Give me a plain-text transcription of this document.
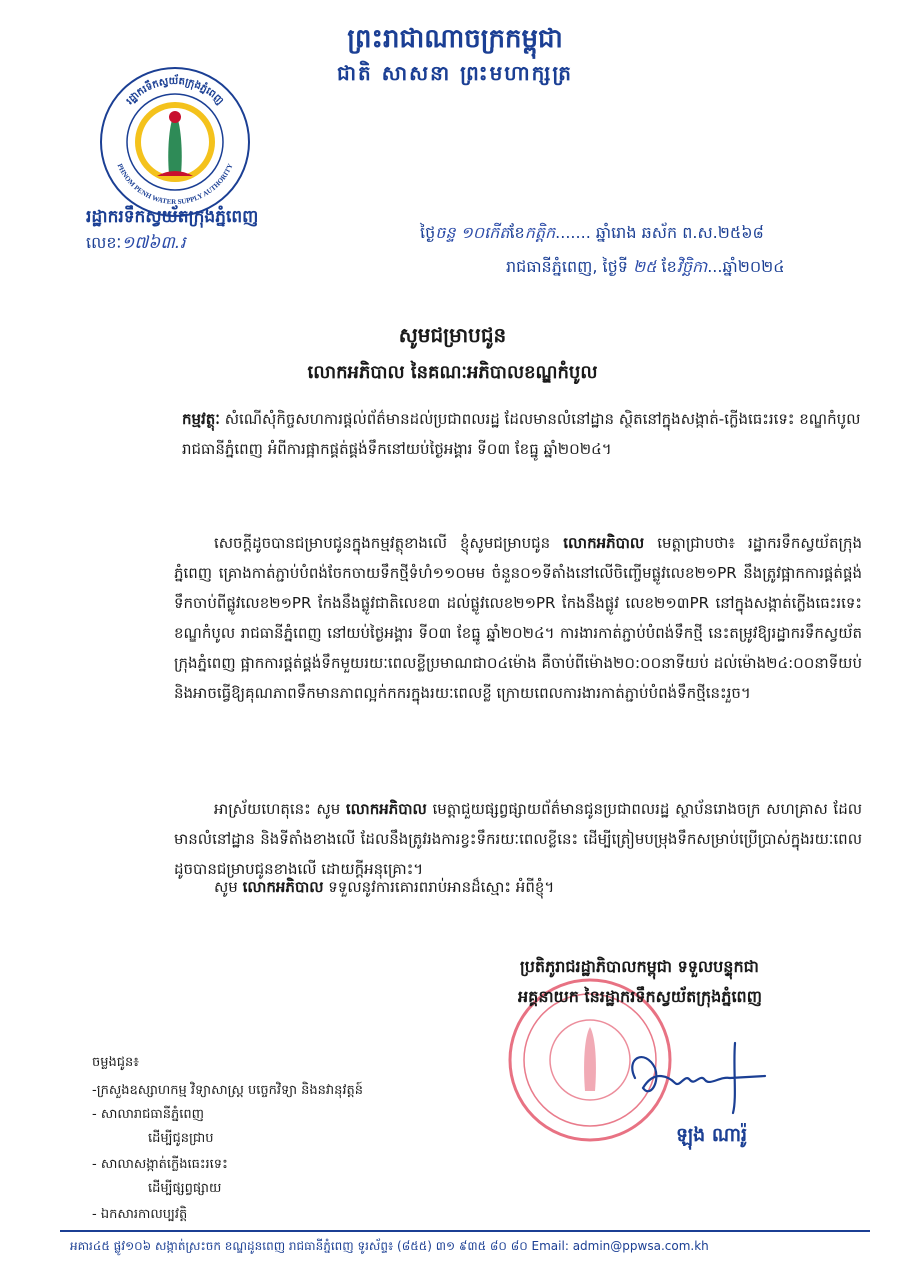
ព្រះរាជាណាចក្រកម្ពុជា
ជាតិ សាសនា ព្រះមហាក្សត្រ
រដ្ឋាករទឹកស្វយ័តក្រុងភ្នំពេញ
PHNOM PENH WATER SUPPLY AUTHORITY
រដ្ឋាករទឹកស្វយ័តក្រុងភ្នំពេញ
លេខៈ១៧៦៣.រ
ថ្ងៃចន្ទ ១០កើតខែកត្តិក....... ឆ្នាំរោង ឆស័ក ព.ស.២៥៦៨
រាជធានីភ្នំពេញ, ថ្ងៃទី ២៥ ខែវិច្ឆិកា...ឆ្នាំ២០២៤
សូមជម្រាបជូន
លោកអភិបាល នៃគណៈអភិបាលខណ្ឌកំបូល
កម្មវត្ថុៈ សំណើសុំកិច្ចសហការផ្ដល់ព័ត៌មានដល់ប្រជាពលរដ្ឋ ដែលមានលំនៅដ្ឋាន ស្ថិតនៅក្នុងសង្កាត់-ក្លើងធេះរទេះ ខណ្ឌកំបូល រាជធានីភ្នំពេញ អំពីការផ្អាកផ្គត់ផ្គង់ទឹកនៅយប់ថ្ងៃអង្គារ ទី០៣ ខែធ្នូ ឆ្នាំ២០២៤។
សេចក្ដីដូចបានជម្រាបជូនក្នុងកម្មវត្ថុខាងលើ ខ្ញុំសូមជម្រាបជូន លោកអភិបាល មេត្តាជ្រាបថា៖ រដ្ឋាករទឹកស្វយ័តក្រុងភ្នំពេញ គ្រោងកាត់ភ្ជាប់បំពង់ចែកចាយទឹកថ្មីទំហំ១១០មម ចំនួន០១ទីតាំងនៅលើចិញ្ចើមផ្លូវលេខ២១PR នឹងត្រូវផ្អាកការផ្គត់ផ្គង់ទឹកចាប់ពីផ្លូវលេខ២១PR កែងនឹងផ្លូវជាតិលេខ៣ ដល់ផ្លូវលេខ២១PR កែងនឹងផ្លូវ លេខ២១៣PR នៅក្នុងសង្កាត់ក្លើងធេះរទេះ ខណ្ឌកំបូល រាជធានីភ្នំពេញ នៅយប់ថ្ងៃអង្គារ ទី០៣ ខែធ្នូ ឆ្នាំ២០២៤។ ការងារកាត់ភ្ជាប់បំពង់ទឹកថ្មី នេះតម្រូវឱ្យរដ្ឋាករទឹកស្វយ័តក្រុងភ្នំពេញ ផ្អាកការផ្គត់ផ្គង់ទឹកមួយរយៈពេលខ្លីប្រមាណជា០៤ម៉ោង គឺចាប់ពីម៉ោង២០:០០នាទីយប់ ដល់ម៉ោង២៤:០០នាទីយប់ និងអាចធ្វើឱ្យគុណភាពទឹកមានភាពល្អក់កករក្នុងរយៈពេលខ្លី ក្រោយពេលការងារកាត់ភ្ជាប់បំពង់ទឹកថ្មីនេះរួច។
អាស្រ័យហេតុនេះ សូម លោកអភិបាល មេត្តាជួយផ្សព្វផ្សាយព័ត៌មានជូនប្រជាពលរដ្ឋ ស្ថាប័នរោងចក្រ សហគ្រាស ដែលមានលំនៅដ្ឋាន និងទីតាំងខាងលើ ដែលនឹងត្រូវរងការខ្វះទឹករយៈពេលខ្លីនេះ ដើម្បីត្រៀមបម្រុងទឹកសម្រាប់ប្រើប្រាស់ក្នុងរយៈពេលដូចបានជម្រាបជូនខាងលើ ដោយក្ដីអនុគ្រោះ។
សូម លោកអភិបាល ទទួលនូវការគោរពរាប់អានដ៏ស្មោះ អំពីខ្ញុំ។
ប្រតិភូរាជរដ្ឋាភិបាលកម្ពុជា ទទួលបន្ទុកជា
អគ្គនាយក នៃរដ្ឋាករទឹកស្វយ័តក្រុងភ្នំពេញ
ឡុង ណារ៉ូ
ចម្លងជូន៖
-ក្រសួងឧស្សាហកម្ម វិទ្យាសាស្ត្រ បច្ចេកវិទ្យា និងនវានុវត្តន៍
- សាលារាជធានីភ្នំពេញ
ដើម្បីជូនជ្រាប
- សាលាសង្កាត់ក្លើងធេះរទេះ
ដើម្បីផ្សព្វផ្សាយ
- ឯកសារកាលប្បវត្តិ
អគារ៤៥ ផ្លូវ១០៦ សង្កាត់ស្រះចក ខណ្ឌដូនពេញ រាជធានីភ្នំពេញ ទូរស័ព្ទ៖ (៨៥៥) ៣១ ៩៣៥ ៨០ ៨០ Email: admin@ppwsa.com.kh
